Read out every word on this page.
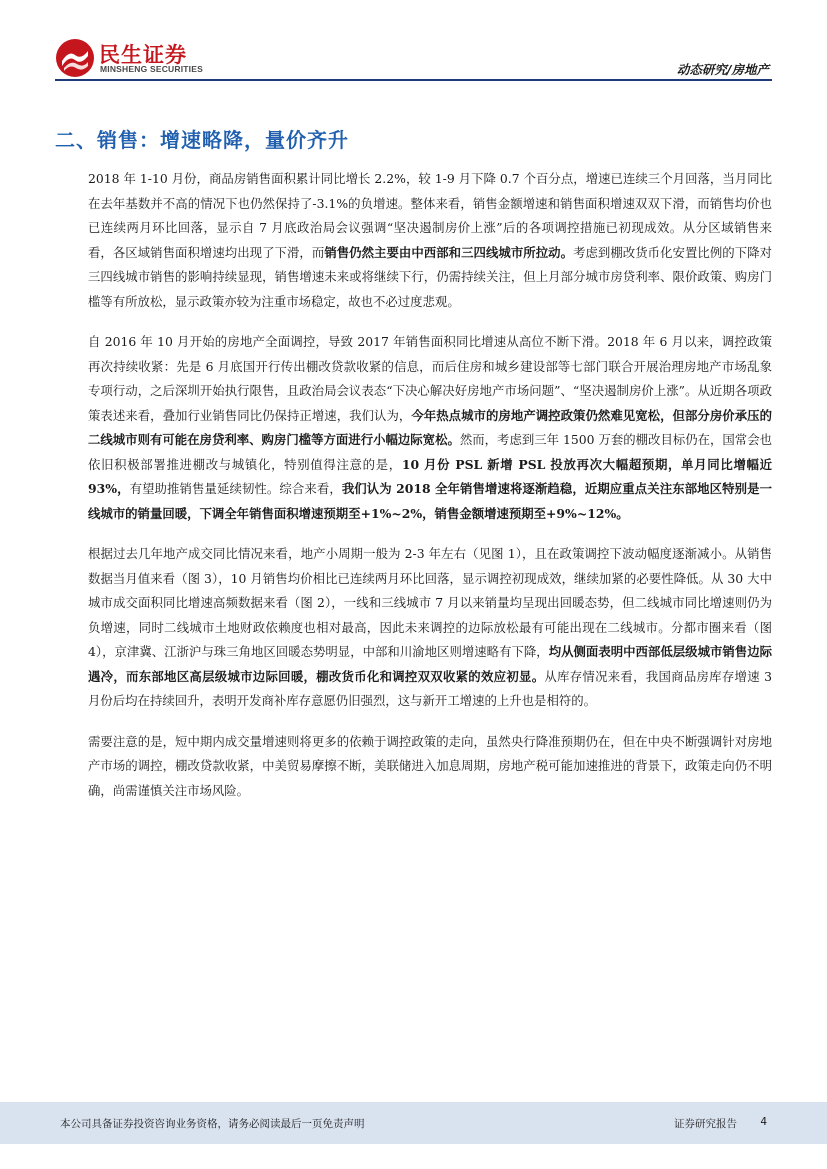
民生证券
MINSHENG SECURITIES	动态研究/房地产
二、销售：增速略降，量价齐升

2018 年 1-10 月份，商品房销售面积累计同比增长 2.2%，较 1-9 月下降 0.7 个百分点，增速已连续三个月回落，当月同比在去年基数并不高的情况下也仍然保持了-3.1%的负增速。整体来看，销售金额增速和销售面积增速双双下滑，而销售均价也已连续两月环比回落，显示自 7 月底政治局会议强调“坚决遏制房价上涨”后的各项调控措施已初现成效。从分区域销售来看，各区域销售面积增速均出现了下滑，而销售仍然主要由中西部和三四线城市所拉动。考虑到棚改货币化安置比例的下降对三四线城市销售的影响持续显现，销售增速未来或将继续下行，仍需持续关注，但上月部分城市房贷利率、限价政策、购房门槛等有所放松，显示政策亦较为注重市场稳定，故也不必过度悲观。

自 2016 年 10 月开始的房地产全面调控，导致 2017 年销售面积同比增速从高位不断下滑。2018 年 6 月以来，调控政策再次持续收紧：先是 6 月底国开行传出棚改贷款收紧的信息，而后住房和城乡建设部等七部门联合开展治理房地产市场乱象专项行动，之后深圳开始执行限售，且政治局会议表态“下决心解决好房地产市场问题”、“坚决遏制房价上涨”。从近期各项政策表述来看，叠加行业销售同比仍保持正增速，我们认为，今年热点城市的房地产调控政策仍然难见宽松，但部分房价承压的二线城市则有可能在房贷利率、购房门槛等方面进行小幅边际宽松。然而，考虑到三年 1500 万套的棚改目标仍在，国常会也依旧积极部署推进棚改与城镇化，特别值得注意的是，10 月份 PSL 新增 PSL 投放再次大幅超预期，单月同比增幅近 93%，有望助推销售量延续韧性。综合来看，我们认为 2018 全年销售增速将逐渐趋稳，近期应重点关注东部地区特别是一线城市的销量回暖，下调全年销售面积增速预期至+1%~2%，销售金额增速预期至+9%~12%。

根据过去几年地产成交同比情况来看，地产小周期一般为 2-3 年左右（见图 1），且在政策调控下波动幅度逐渐减小。从销售数据当月值来看（图 3），10 月销售均价相比已连续两月环比回落，显示调控初现成效，继续加紧的必要性降低。从 30 大中城市成交面积同比增速高频数据来看（图 2），一线和三线城市 7 月以来销量均呈现出回暖态势，但二线城市同比增速则仍为负增速，同时二线城市土地财政依赖度也相对最高，因此未来调控的边际放松最有可能出现在二线城市。分都市圈来看（图 4），京津冀、江浙沪与珠三角地区回暖态势明显，中部和川渝地区则增速略有下降，均从侧面表明中西部低层级城市销售边际遇冷，而东部地区高层级城市边际回暖，棚改货币化和调控双双收紧的效应初显。从库存情况来看，我国商品房库存增速 3 月份后均在持续回升，表明开发商补库存意愿仍旧强烈，这与新开工增速的上升也是相符的。

需要注意的是，短中期内成交量增速则将更多的依赖于调控政策的走向，虽然央行降准预期仍在，但在中央不断强调针对房地产市场的调控，棚改贷款收紧，中美贸易摩擦不断，美联储进入加息周期，房地产税可能加速推进的背景下，政策走向仍不明确，尚需谨慎关注市场风险。

本公司具备证券投资咨询业务资格，请务必阅读最后一页免责声明	证券研究报告 4
